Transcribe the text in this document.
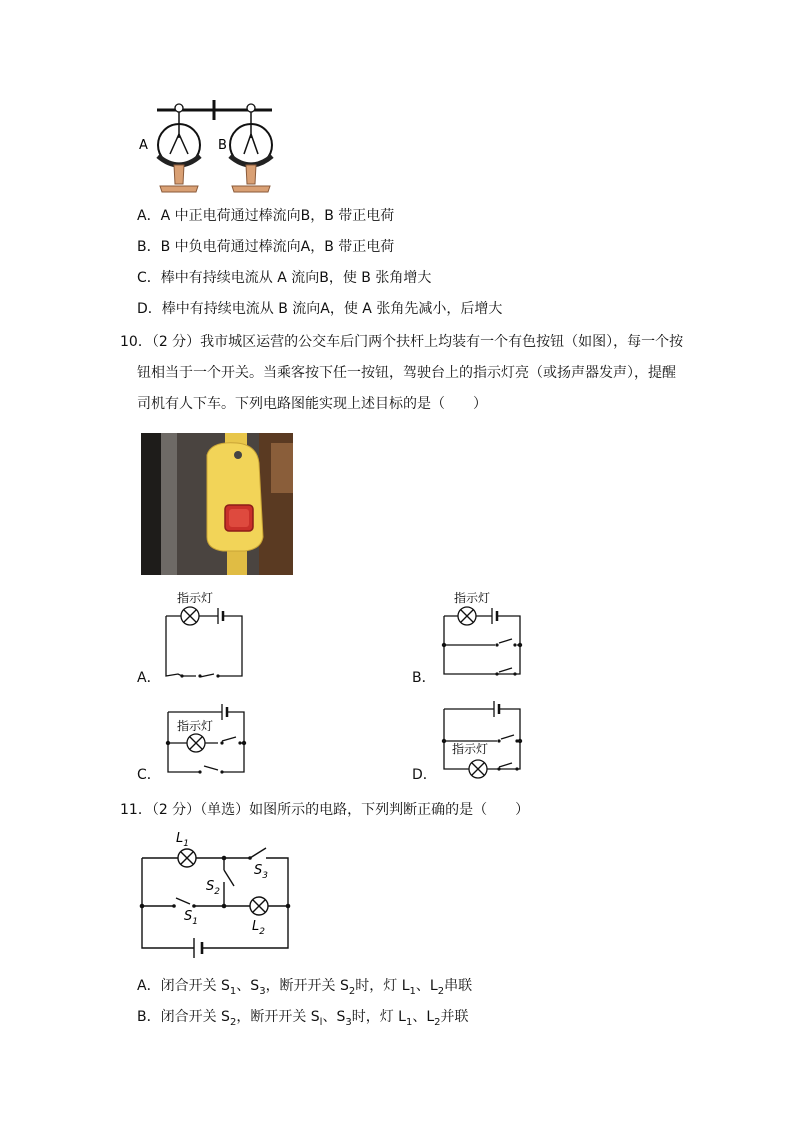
A	B
A．A 中正电荷通过棒流向B，B 带正电荷
B．B 中负电荷通过棒流向A，B 带正电荷
C．棒中有持续电流从 A 流向B，使 B 张角增大
D．棒中有持续电流从 B 流向A，使 A 张角先减小，后增大
10．（2 分）我市城区运营的公交车后门两个扶杆上均装有一个有色按钮（如图），每一个按
钮相当于一个开关。当乘客按下任一按钮，驾驶台上的指示灯亮（或扬声器发声），提醒
司机有人下车。下列电路图能实现上述目标的是（　　）
指示灯
A．
指示灯
B．
指示灯
C．
指示灯
D．
11．（2 分）（单选）如图所示的电路，下列判断正确的是（　　）
$L_1$
$S_3$
$S_2$
$S_1$	$L_2$
A．闭合开关 $S_1$、$S_3$，断开开关 $S_2$时，灯 $L_1$、$L_2$串联
B．闭合开关 $S_2$，断开开关 $S_l$、$S_3$时，灯 $L_1$、$L_2$并联
